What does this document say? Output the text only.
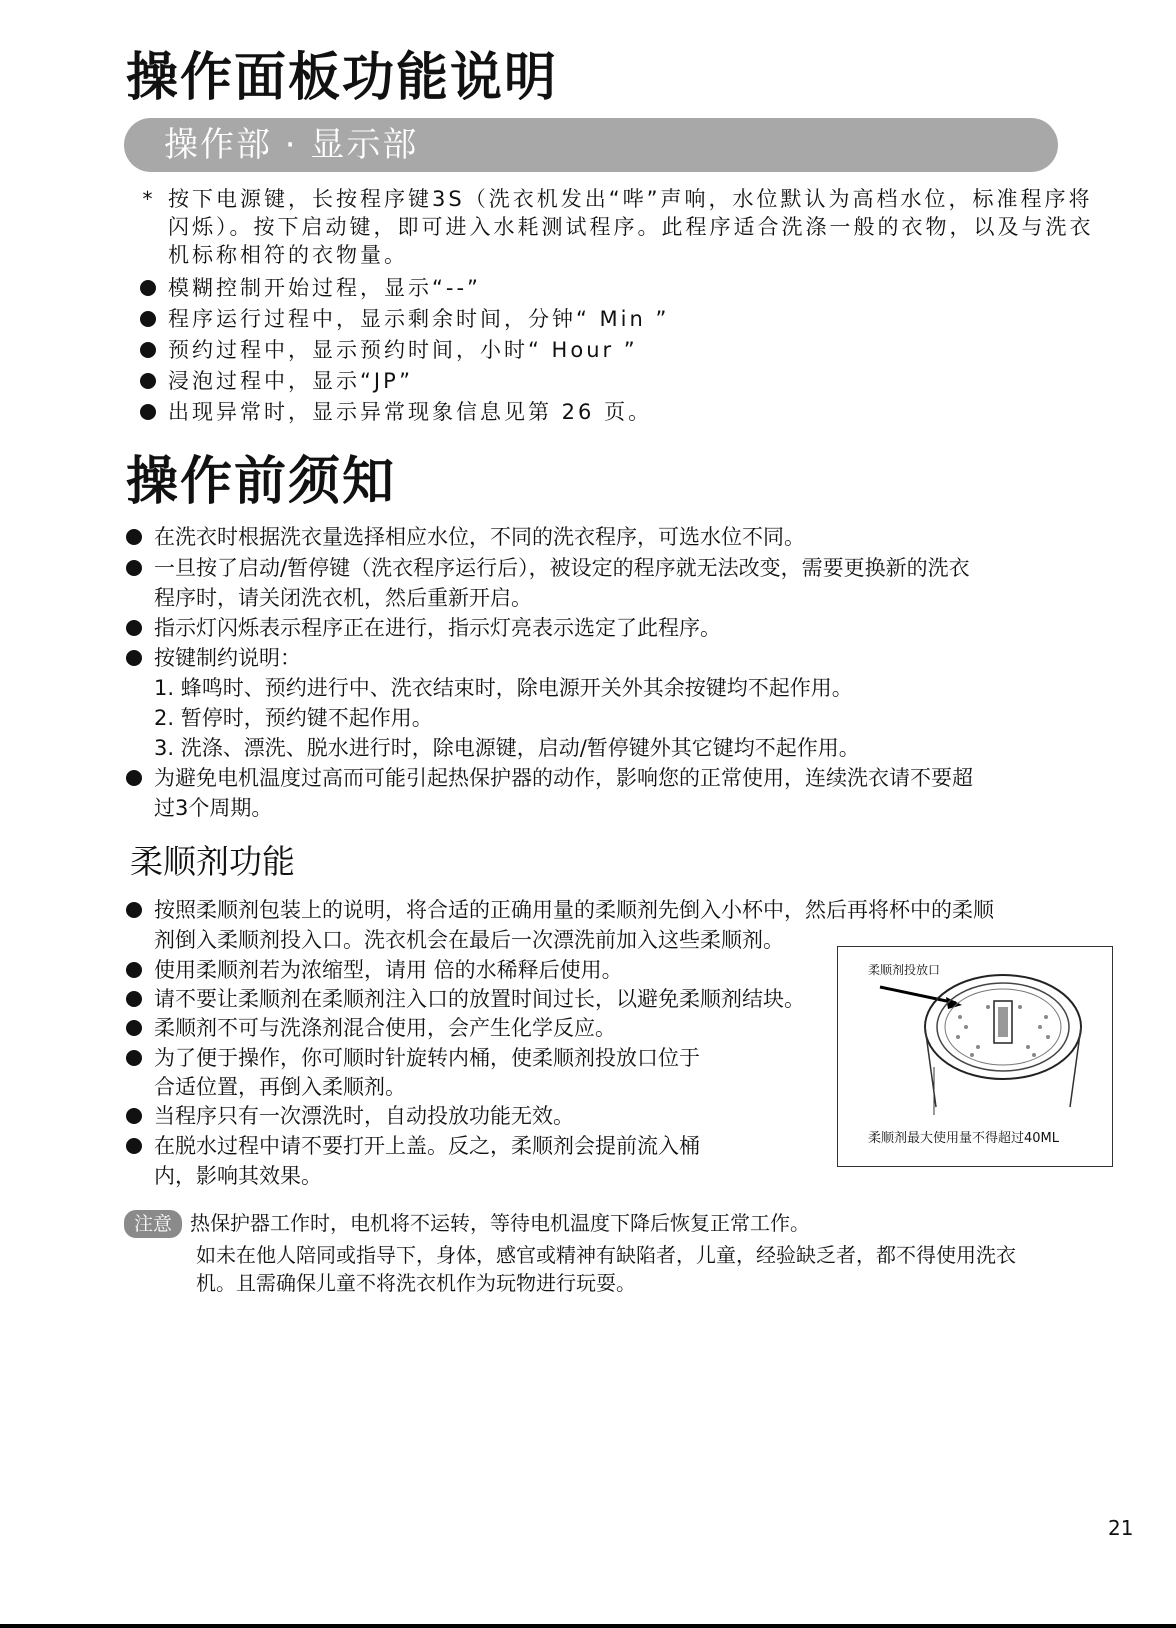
操作面板功能说明
操作部 · 显示部
* 按下电源键，长按程序键3S（洗衣机发出“哔”声响，水位默认为高档水位，标准程序将
闪烁）。按下启动键，即可进入水耗测试程序。此程序适合洗涤一般的衣物，以及与洗衣
机标称相符的衣物量。
模糊控制开始过程，显示“--”
程序运行过程中，显示剩余时间，分钟“ Min ”
预约过程中，显示预约时间，小时“ Hour ”
浸泡过程中，显示“JP”
出现异常时，显示异常现象信息见第 26 页。
操作前须知
在洗衣时根据洗衣量选择相应水位，不同的洗衣程序，可选水位不同。
一旦按了启动/暂停键（洗衣程序运行后），被设定的程序就无法改变，需要更换新的洗衣
程序时，请关闭洗衣机，然后重新开启。
指示灯闪烁表示程序正在进行，指示灯亮表示选定了此程序。
按键制约说明：
1. 蜂鸣时、预约进行中、洗衣结束时，除电源开关外其余按键均不起作用。
2. 暂停时，预约键不起作用。
3. 洗涤、漂洗、脱水进行时，除电源键，启动/暂停键外其它键均不起作用。
为避免电机温度过高而可能引起热保护器的动作，影响您的正常使用，连续洗衣请不要超
过3个周期。
柔顺剂功能
按照柔顺剂包装上的说明，将合适的正确用量的柔顺剂先倒入小杯中，然后再将杯中的柔顺
剂倒入柔顺剂投入口。洗衣机会在最后一次漂洗前加入这些柔顺剂。
使用柔顺剂若为浓缩型，请用 倍的水稀释后使用。
请不要让柔顺剂在柔顺剂注入口的放置时间过长，以避免柔顺剂结块。
柔顺剂不可与洗涤剂混合使用，会产生化学反应。
为了便于操作，你可顺时针旋转内桶，使柔顺剂投放口位于
合适位置，再倒入柔顺剂。
当程序只有一次漂洗时，自动投放功能无效。
在脱水过程中请不要打开上盖。反之，柔顺剂会提前流入桶
内，影响其效果。
柔顺剂投放口
柔顺剂最大使用量不得超过40ML
注意 热保护器工作时，电机将不运转，等待电机温度下降后恢复正常工作。
如未在他人陪同或指导下，身体，感官或精神有缺陷者，儿童，经验缺乏者，都不得使用洗衣
机。且需确保儿童不将洗衣机作为玩物进行玩耍。
21
